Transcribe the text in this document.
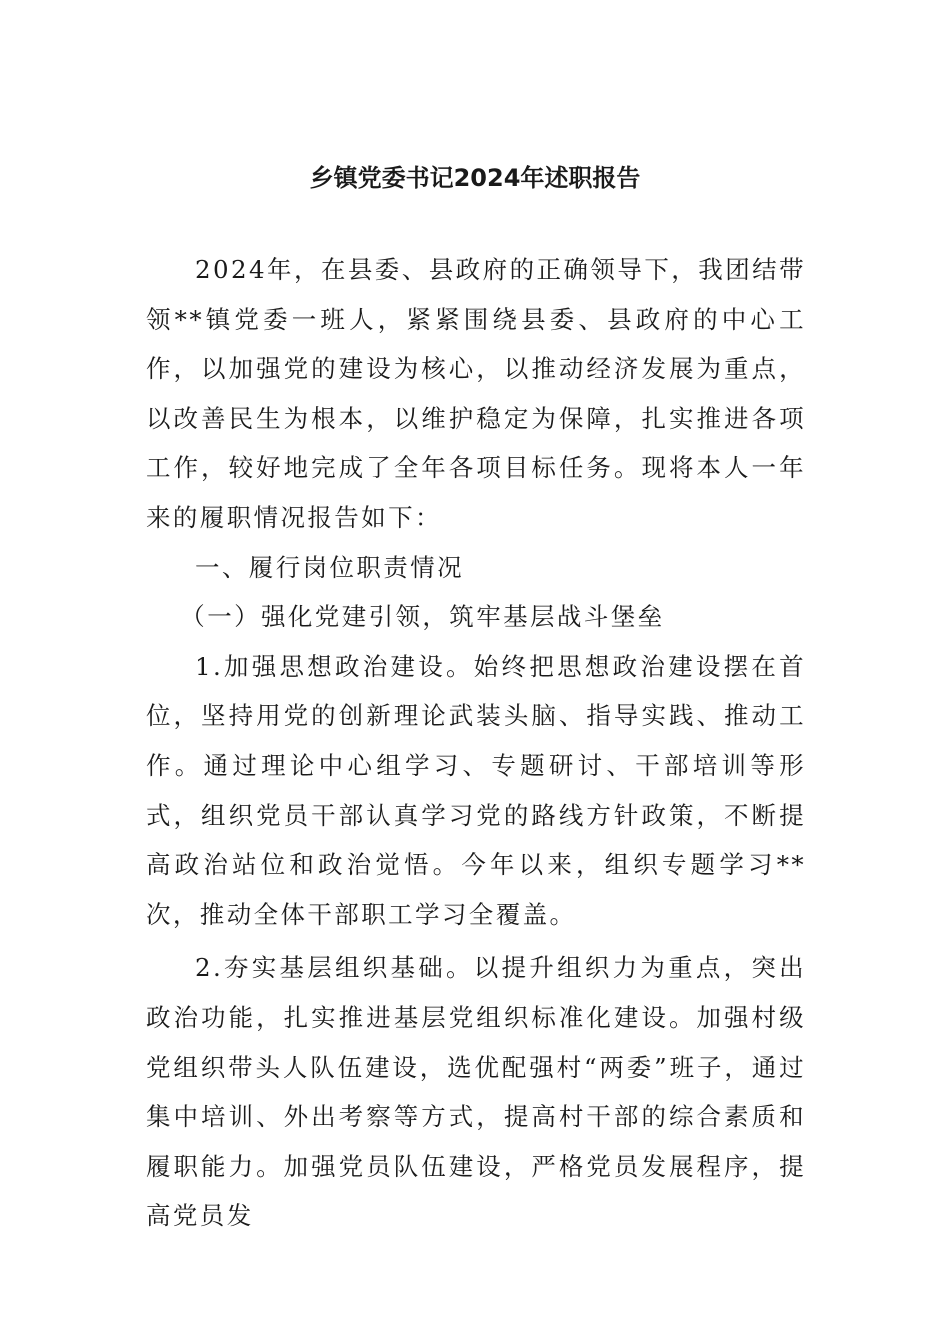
乡镇党委书记2024年述职报告

2024年，在县委、县政府的正确领导下，我团结带领**镇党委一班人，紧紧围绕县委、县政府的中心工作，以加强党的建设为核心，以推动经济发展为重点，以改善民生为根本，以维护稳定为保障，扎实推进各项工作，较好地完成了全年各项目标任务。现将本人一年来的履职情况报告如下：

一、履行岗位职责情况

（一）强化党建引领，筑牢基层战斗堡垒

1.加强思想政治建设。始终把思想政治建设摆在首位，坚持用党的创新理论武装头脑、指导实践、推动工作。通过理论中心组学习、专题研讨、干部培训等形式，组织党员干部认真学习党的路线方针政策，不断提高政治站位和政治觉悟。今年以来，组织专题学习**次，推动全体干部职工学习全覆盖。

2.夯实基层组织基础。以提升组织力为重点，突出政治功能，扎实推进基层党组织标准化建设。加强村级党组织带头人队伍建设，选优配强村“两委”班子，通过集中培训、外出考察等方式，提高村干部的综合素质和履职能力。加强党员队伍建设，严格党员发展程序，提高党员发
